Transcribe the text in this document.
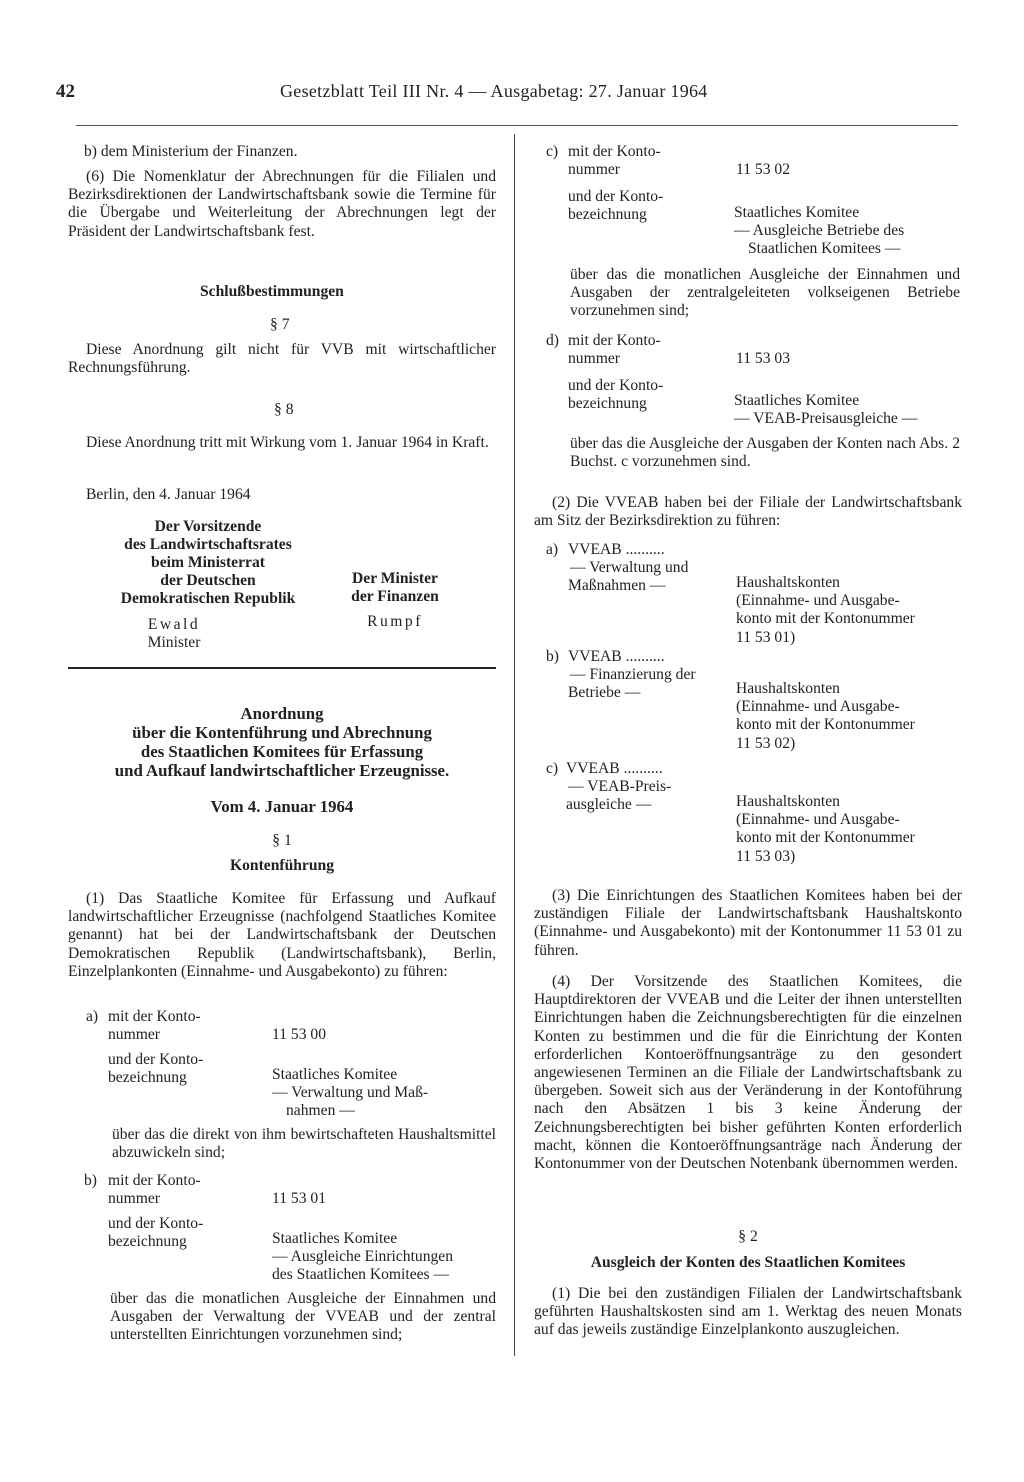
42	Gesetzblatt Teil III Nr. 4 — Ausgabetag: 27. Januar 1964
b) dem Ministerium der Finanzen.

(6) Die Nomenklatur der Abrechnungen für die Filialen und Bezirksdirektionen der Landwirtschaftsbank sowie die Termine für die Übergabe und Weiterleitung der Abrechnungen legt der Präsident der Landwirtschaftsbank fest.

Schlußbestimmungen
§ 7

Diese Anordnung gilt nicht für VVB mit wirtschaftlicher Rechnungsführung.

§ 8

Diese Anordnung tritt mit Wirkung vom 1. Januar 1964 in Kraft.

Berlin, den 4. Januar 1964
Der Vorsitzende
des Landwirtschaftsrates
beim Ministerrat
der Deutschen
Demokratischen Republik
Ewald
Minister
Der Minister
der Finanzen
Rumpf
Anordnung
über die Kontenführung und Abrechnung
des Staatlichen Komitees für Erfassung
und Aufkauf landwirtschaftlicher Erzeugnisse.
Vom 4. Januar 1964
§ 1
Kontenführung

(1) Das Staatliche Komitee für Erfassung und Aufkauf landwirtschaftlicher Erzeugnisse (nachfolgend Staatliches Komitee genannt) hat bei der Landwirtschaftsbank der Deutschen Demokratischen Republik (Landwirtschaftsbank), Berlin, Einzelplankonten (Einnahme- und Ausgabekonto) zu führen:

a) mit der Konto-
nummer	11 53 00
und der Konto-
bezeichnung	Staatliches Komitee
— Verwaltung und Maß-
nahmen —

über das die direkt von ihm bewirtschafteten Haushaltsmittel abzuwickeln sind;

b) mit der Konto-
nummer	11 53 01
und der Konto-
bezeichnung	Staatliches Komitee
— Ausgleiche Einrichtungen
des Staatlichen Komitees —

über das die monatlichen Ausgleiche der Einnahmen und Ausgaben der Verwaltung der VVEAB und der zentral unterstellten Einrichtungen vorzunehmen sind;

c) mit der Konto-
nummer	11 53 02
und der Konto-
bezeichnung	Staatliches Komitee
— Ausgleiche Betriebe des
Staatlichen Komitees —

über das die monatlichen Ausgleiche der Einnahmen und Ausgaben der zentralgeleiteten volkseigenen Betriebe vorzunehmen sind;

d) mit der Konto-
nummer	11 53 03
und der Konto-
bezeichnung	Staatliches Komitee
— VEAB-Preisausgleiche —

über das die Ausgleiche der Ausgaben der Konten nach Abs. 2 Buchst. c vorzunehmen sind.

(2) Die VVEAB haben bei der Filiale der Landwirtschaftsbank am Sitz der Bezirksdirektion zu führen:

a) VVEAB ..........
— Verwaltung und
Maßnahmen —	Haushaltskonten
(Einnahme- und Ausgabe-
konto mit der Kontonummer
11 53 01)
b) VVEAB ..........
— Finanzierung der
Betriebe —	Haushaltskonten
(Einnahme- und Ausgabe-
konto mit der Kontonummer
11 53 02)
c) VVEAB ..........
— VEAB-Preis-
ausgleiche —	Haushaltskonten
(Einnahme- und Ausgabe-
konto mit der Kontonummer
11 53 03)

(3) Die Einrichtungen des Staatlichen Komitees haben bei der zuständigen Filiale der Landwirtschaftsbank Haushaltskonto (Einnahme- und Ausgabekonto) mit der Kontonummer 11 53 01 zu führen.

(4) Der Vorsitzende des Staatlichen Komitees, die Hauptdirektoren der VVEAB und die Leiter der ihnen unterstellten Einrichtungen haben die Zeichnungsberechtigten für die einzelnen Konten zu bestimmen und die für die Einrichtung der Konten erforderlichen Kontoeröffnungsanträge zu den gesondert angewiesenen Terminen an die Filiale der Landwirtschaftsbank zu übergeben. Soweit sich aus der Veränderung in der Kontoführung nach den Absätzen 1 bis 3 keine Änderung der Zeichnungsberechtigten bei bisher geführten Konten erforderlich macht, können die Kontoeröffnungsanträge nach Änderung der Kontonummer von der Deutschen Notenbank übernommen werden.

§ 2
Ausgleich der Konten des Staatlichen Komitees

(1) Die bei den zuständigen Filialen der Landwirtschaftsbank geführten Haushaltskosten sind am 1. Werktag des neuen Monats auf das jeweils zuständige Einzelplankonto auszugleichen.
